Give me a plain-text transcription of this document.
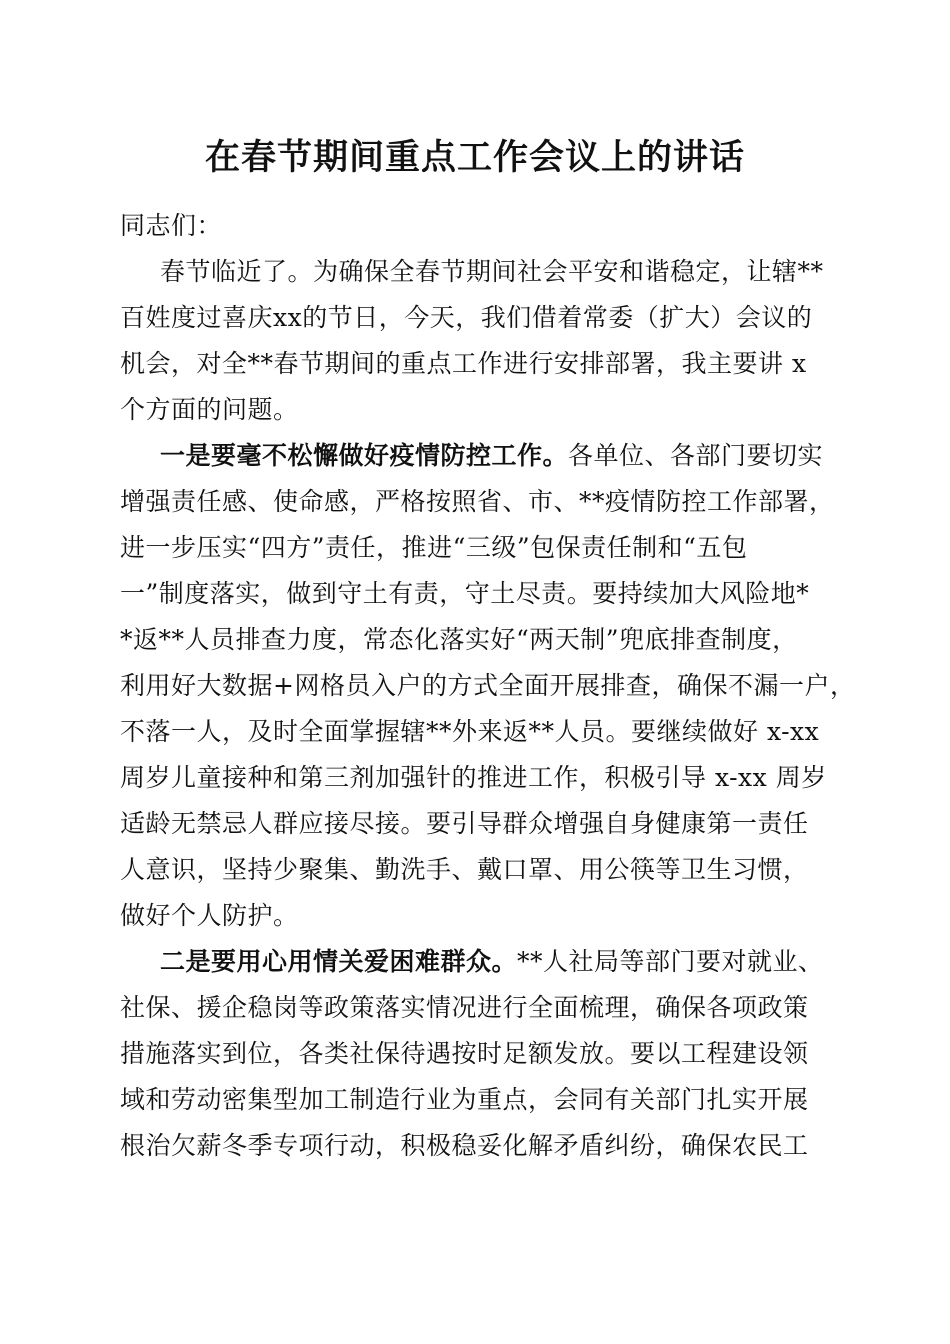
在春节期间重点工作会议上的讲话
同志们：
春节临近了。为确保全春节期间社会平安和谐稳定，让辖**
百姓度过喜庆xx的节日，今天，我们借着常委（扩大）会议的
机会，对全**春节期间的重点工作进行安排部署，我主要讲 x
个方面的问题。
一是要毫不松懈做好疫情防控工作。各单位、各部门要切实
增强责任感、使命感，严格按照省、市、**疫情防控工作部署，
进一步压实“四方”责任，推进“三级”包保责任制和“五包
一”制度落实，做到守土有责，守土尽责。要持续加大风险地*
*返**人员排查力度，常态化落实好“两天制”兜底排查制度，
利用好大数据+网格员入户的方式全面开展排查，确保不漏一户，
不落一人，及时全面掌握辖**外来返**人员。要继续做好 x-xx
周岁儿童接种和第三剂加强针的推进工作，积极引导 x-xx 周岁
适龄无禁忌人群应接尽接。要引导群众增强自身健康第一责任
人意识，坚持少聚集、勤洗手、戴口罩、用公筷等卫生习惯，
做好个人防护。
二是要用心用情关爱困难群众。**人社局等部门要对就业、
社保、援企稳岗等政策落实情况进行全面梳理，确保各项政策
措施落实到位，各类社保待遇按时足额发放。要以工程建设领
域和劳动密集型加工制造行业为重点，会同有关部门扎实开展
根治欠薪冬季专项行动，积极稳妥化解矛盾纠纷，确保农民工
